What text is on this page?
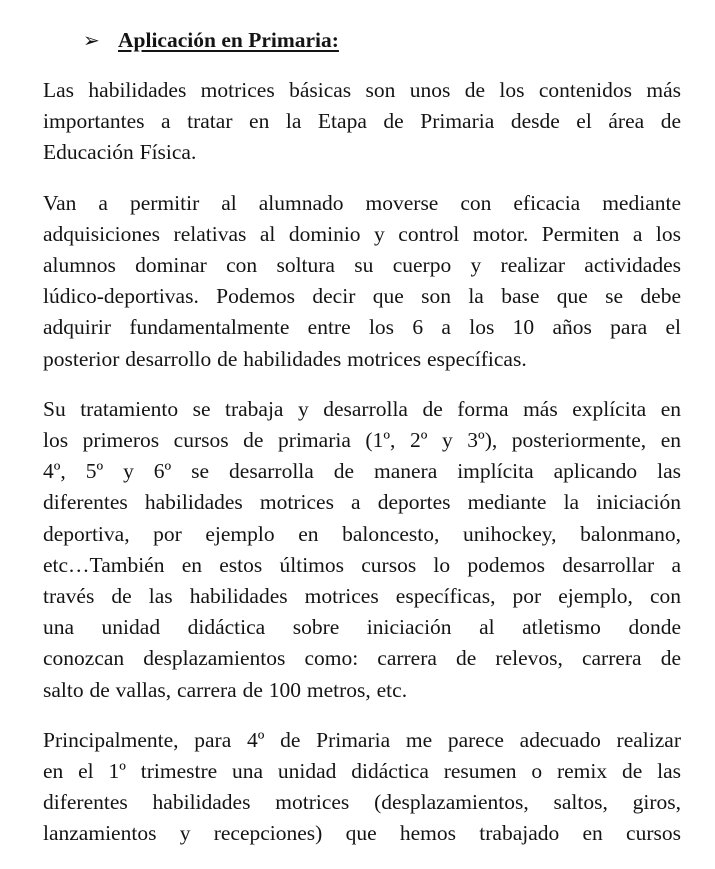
➢ Aplicación en Primaria:

Las habilidades motrices básicas son unos de los contenidos más
importantes a tratar en la Etapa de Primaria desde el área de
Educación Física.

Van a permitir al alumnado moverse con eficacia mediante
adquisiciones relativas al dominio y control motor. Permiten a los
alumnos dominar con soltura su cuerpo y realizar actividades
lúdico-deportivas. Podemos decir que son la base que se debe
adquirir fundamentalmente entre los 6 a los 10 años para el
posterior desarrollo de habilidades motrices específicas.

Su tratamiento se trabaja y desarrolla de forma más explícita en
los primeros cursos de primaria (1º, 2º y 3º), posteriormente, en
4º, 5º y 6º se desarrolla de manera implícita aplicando las
diferentes habilidades motrices a deportes mediante la iniciación
deportiva, por ejemplo en baloncesto, unihockey, balonmano,
etc…También en estos últimos cursos lo podemos desarrollar a
través de las habilidades motrices específicas, por ejemplo, con
una unidad didáctica sobre iniciación al atletismo donde
conozcan desplazamientos como: carrera de relevos, carrera de
salto de vallas, carrera de 100 metros, etc.

Principalmente, para 4º de Primaria me parece adecuado realizar
en el 1º trimestre una unidad didáctica resumen o remix de las
diferentes habilidades motrices (desplazamientos, saltos, giros,
lanzamientos y recepciones) que hemos trabajado en cursos
